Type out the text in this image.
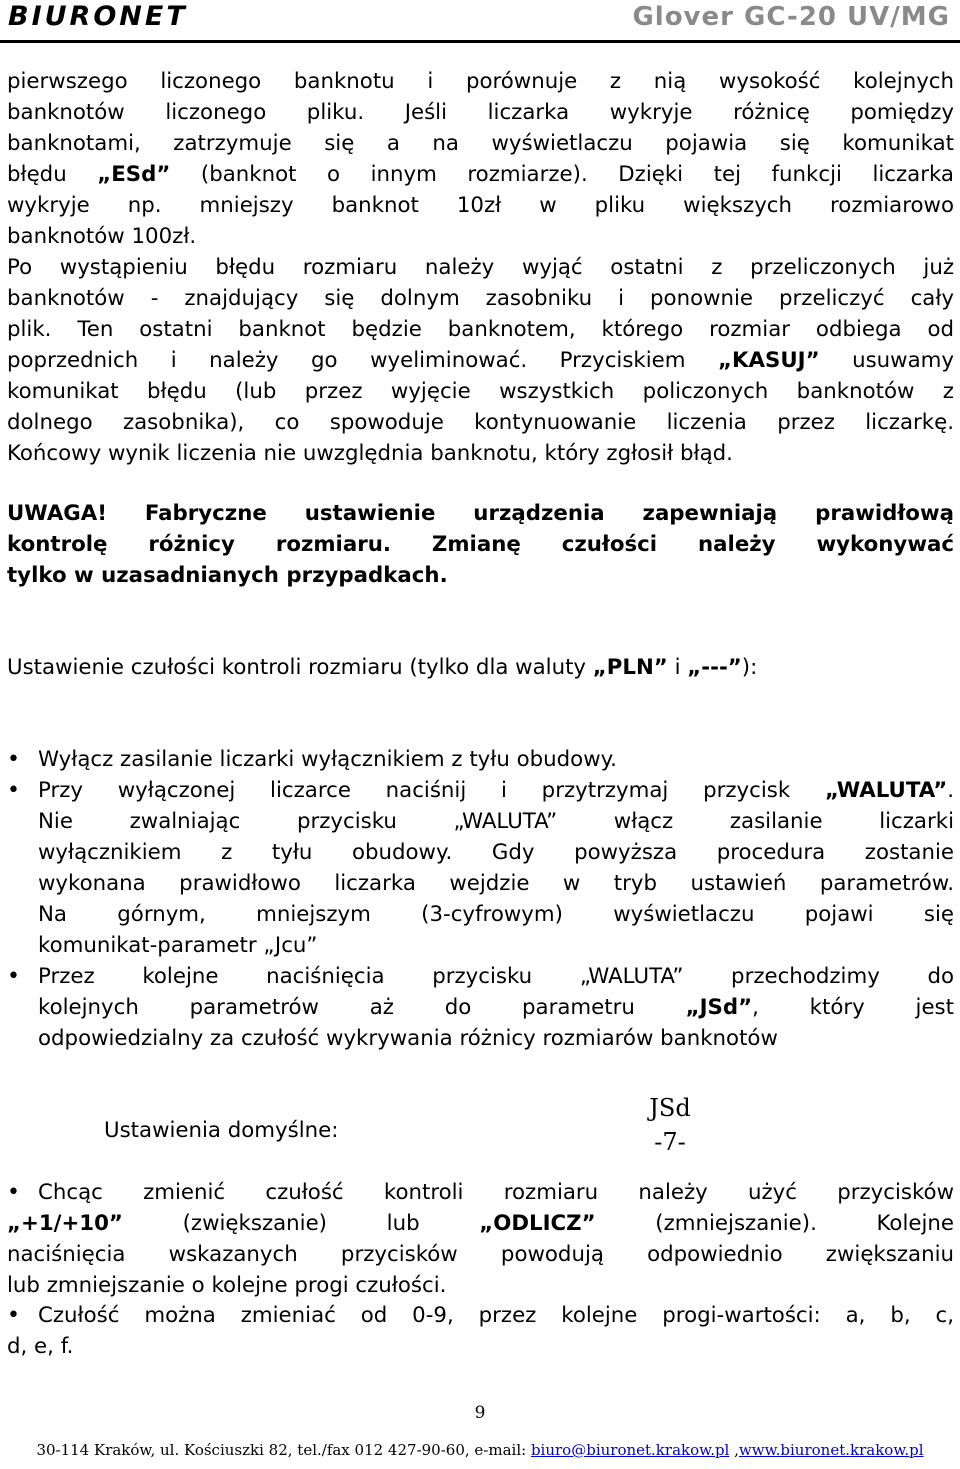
BIURONET	Glover GC-20 UV/MG
pierwszego liczonego banknotu i porównuje z nią wysokość kolejnych
banknotów liczonego pliku. Jeśli liczarka wykryje różnicę pomiędzy
banknotami, zatrzymuje się a na wyświetlaczu pojawia się komunikat
błędu „ESd” (banknot o innym rozmiarze). Dzięki tej funkcji liczarka
wykryje np. mniejszy banknot 10zł w pliku większych rozmiarowo
banknotów 100zł.
Po wystąpieniu błędu rozmiaru należy wyjąć ostatni z przeliczonych już
banknotów - znajdujący się dolnym zasobniku i ponownie przeliczyć cały
plik. Ten ostatni banknot będzie banknotem, którego rozmiar odbiega od
poprzednich i należy go wyeliminować. Przyciskiem „KASUJ” usuwamy
komunikat błędu (lub przez wyjęcie wszystkich policzonych banknotów z
dolnego zasobnika), co spowoduje kontynuowanie liczenia przez liczarkę.
Końcowy wynik liczenia nie uwzględnia banknotu, który zgłosił błąd.
UWAGA! Fabryczne ustawienie urządzenia zapewniają prawidłową
kontrolę różnicy rozmiaru. Zmianę czułości należy wykonywać
tylko w uzasadnianych przypadkach.
Ustawienie czułości kontroli rozmiaru (tylko dla waluty „PLN” i „---”):
• Wyłącz zasilanie liczarki wyłącznikiem z tyłu obudowy.
• Przy wyłączonej liczarce naciśnij i przytrzymaj przycisk „WALUTA”.
Nie zwalniając przycisku „WALUTA” włącz zasilanie liczarki
wyłącznikiem z tyłu obudowy. Gdy powyższa procedura zostanie
wykonana prawidłowo liczarka wejdzie w tryb ustawień parametrów.
Na górnym, mniejszym (3-cyfrowym) wyświetlaczu pojawi się
komunikat-parametr „Jcu”
• Przez kolejne naciśnięcia przycisku „WALUTA” przechodzimy do
kolejnych parametrów aż do parametru „JSd”, który jest
odpowiedzialny za czułość wykrywania różnicy rozmiarów banknotów
Ustawienia domyślne:
JSd
-7-
• Chcąc zmienić czułość kontroli rozmiaru należy użyć przycisków
„+1/+10” (zwiększanie) lub „ODLICZ” (zmniejszanie). Kolejne
naciśnięcia wskazanych przycisków powodują odpowiednio zwiększaniu
lub zmniejszanie o kolejne progi czułości.
• Czułość można zmieniać od 0-9, przez kolejne progi-wartości: a, b, c,
d, e, f.
9
30-114 Kraków, ul. Kościuszki 82, tel./fax 012 427-90-60, e-mail: biuro@biuronet.krakow.pl ,www.biuronet.krakow.pl
